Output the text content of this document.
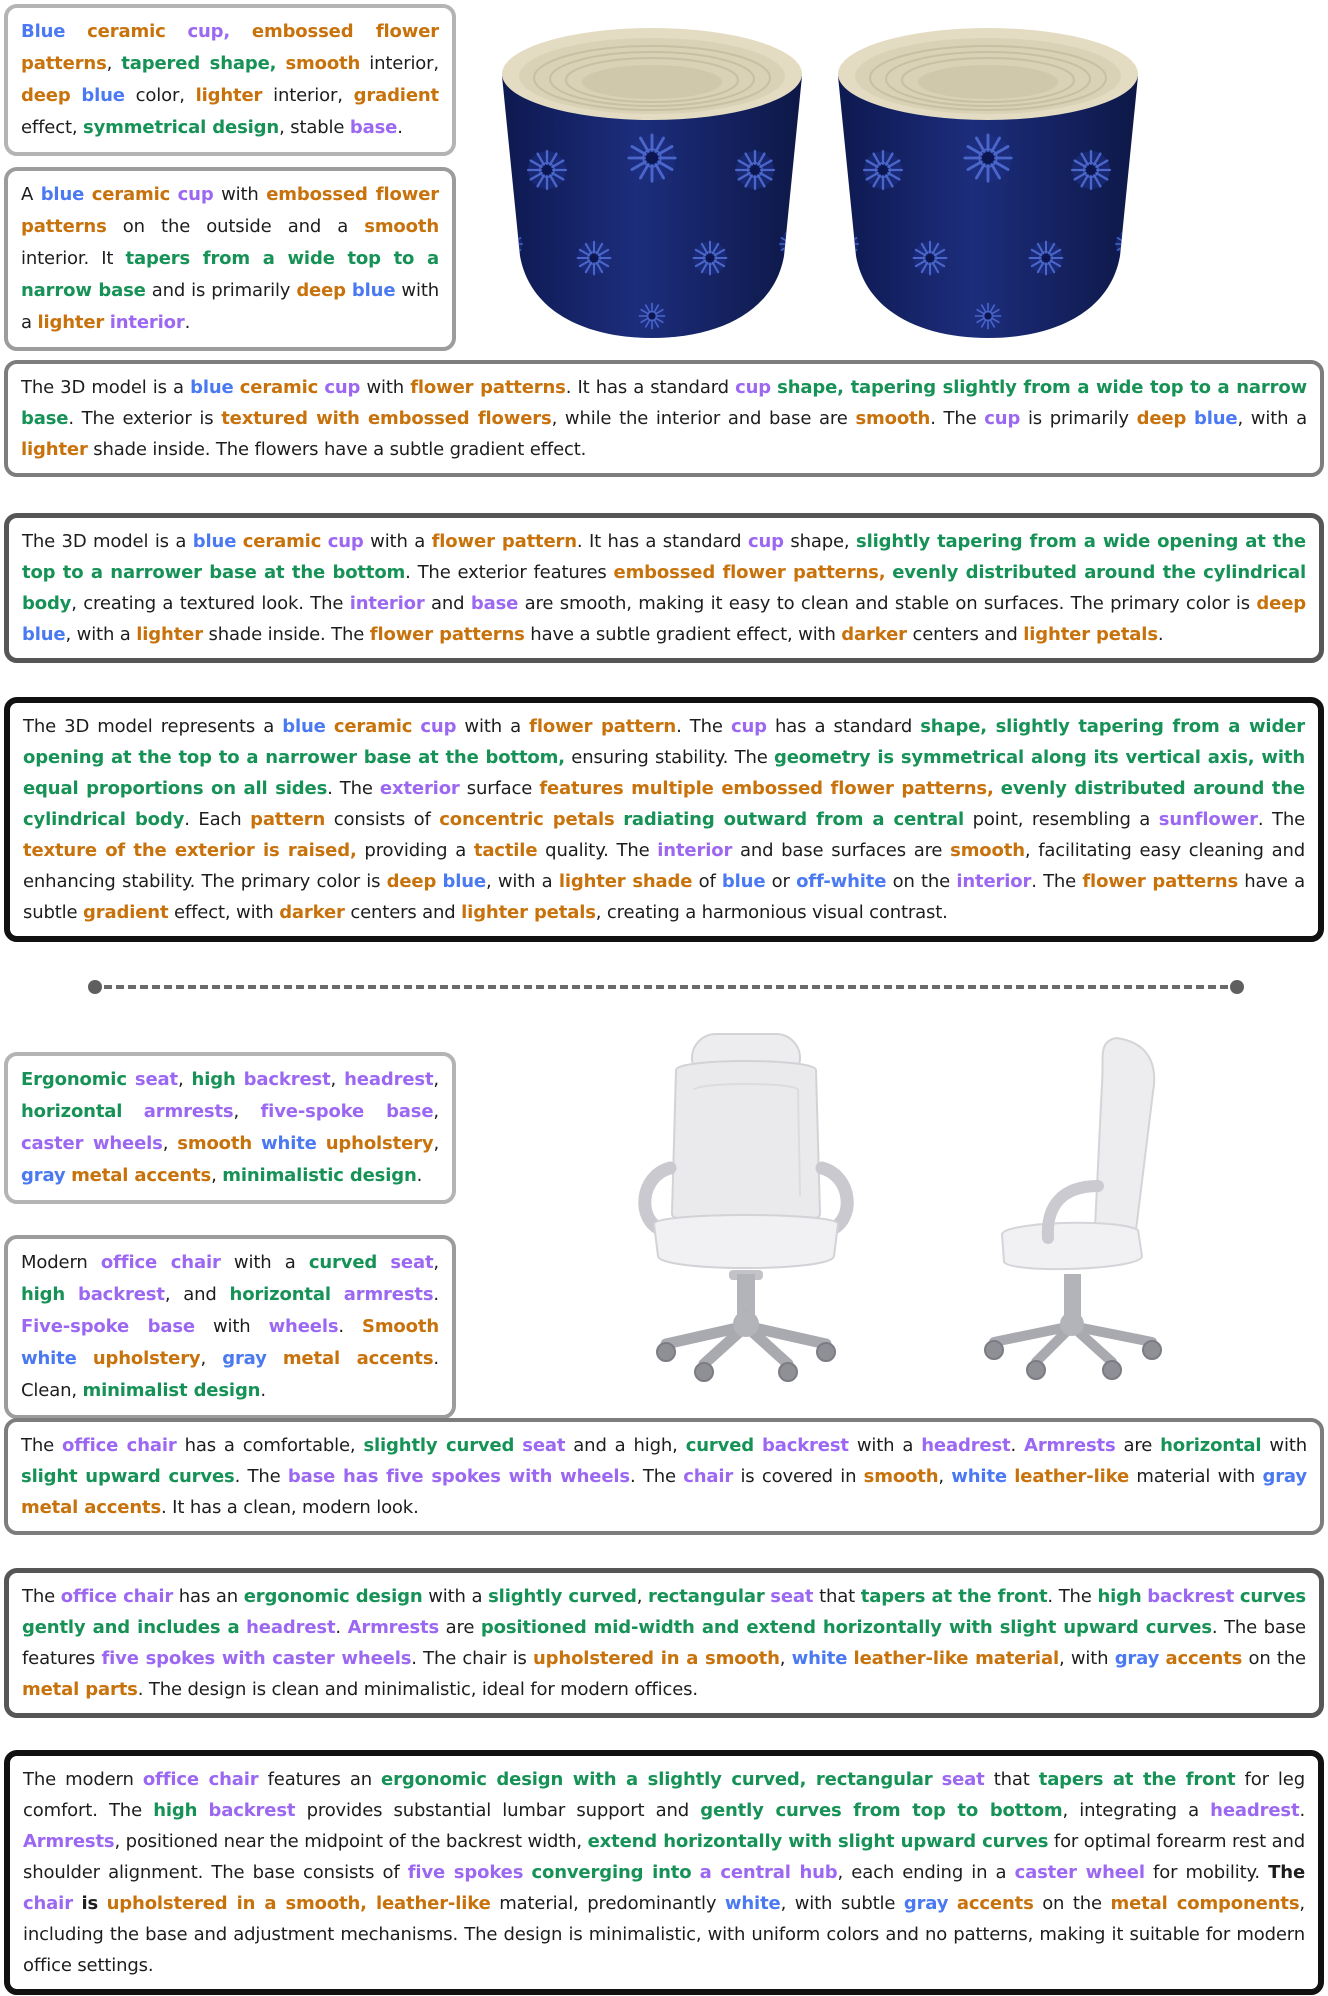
Blue ceramic cup, embossed flower patterns, tapered shape, smooth interior, deep blue color, lighter interior, gradient effect, symmetrical design, stable base.
A blue ceramic cup with embossed flower patterns on the outside and a smooth interior. It tapers from a wide top to a narrow base and is primarily deep blue with a lighter interior.
The 3D model is a blue ceramic cup with flower patterns. It has a standard cup shape, tapering slightly from a wide top to a narrow base. The exterior is textured with embossed flowers, while the interior and base are smooth. The cup is primarily deep blue, with a lighter shade inside. The flowers have a subtle gradient effect.
The 3D model is a blue ceramic cup with a flower pattern. It has a standard cup shape, slightly tapering from a wide opening at the top to a narrower base at the bottom. The exterior features embossed flower patterns, evenly distributed around the cylindrical body, creating a textured look. The interior and base are smooth, making it easy to clean and stable on surfaces. The primary color is deep blue, with a lighter shade inside. The flower patterns have a subtle gradient effect, with darker centers and lighter petals.
The 3D model represents a blue ceramic cup with a flower pattern. The cup has a standard shape, slightly tapering from a wider opening at the top to a narrower base at the bottom, ensuring stability. The geometry is symmetrical along its vertical axis, with equal proportions on all sides. The exterior surface features multiple embossed flower patterns, evenly distributed around the cylindrical body. Each pattern consists of concentric petals radiating outward from a central point, resembling a sunflower. The texture of the exterior is raised, providing a tactile quality. The interior and base surfaces are smooth, facilitating easy cleaning and enhancing stability. The primary color is deep blue, with a lighter shade of blue or off-white on the interior. The flower patterns have a subtle gradient effect, with darker centers and lighter petals, creating a harmonious visual contrast.
Ergonomic seat, high backrest, headrest, horizontal armrests, five-spoke base, caster wheels, smooth white upholstery, gray metal accents, minimalistic design.
Modern office chair with a curved seat, high backrest, and horizontal armrests. Five-spoke base with wheels. Smooth white upholstery, gray metal accents. Clean, minimalist design.
The office chair has a comfortable, slightly curved seat and a high, curved backrest with a headrest. Armrests are horizontal with slight upward curves. The base has five spokes with wheels. The chair is covered in smooth, white leather-like material with gray metal accents. It has a clean, modern look.
The office chair has an ergonomic design with a slightly curved, rectangular seat that tapers at the front. The high backrest curves gently and includes a headrest. Armrests are positioned mid-width and extend horizontally with slight upward curves. The base features five spokes with caster wheels. The chair is upholstered in a smooth, white leather-like material, with gray accents on the metal parts. The design is clean and minimalistic, ideal for modern offices.
The modern office chair features an ergonomic design with a slightly curved, rectangular seat that tapers at the front for leg comfort. The high backrest provides substantial lumbar support and gently curves from top to bottom, integrating a headrest. Armrests, positioned near the midpoint of the backrest width, extend horizontally with slight upward curves for optimal forearm rest and shoulder alignment. The base consists of five spokes converging into a central hub, each ending in a caster wheel for mobility. The chair is upholstered in a smooth, leather-like material, predominantly white, with subtle gray accents on the metal components, including the base and adjustment mechanisms. The design is minimalistic, with uniform colors and no patterns, making it suitable for modern office settings.
